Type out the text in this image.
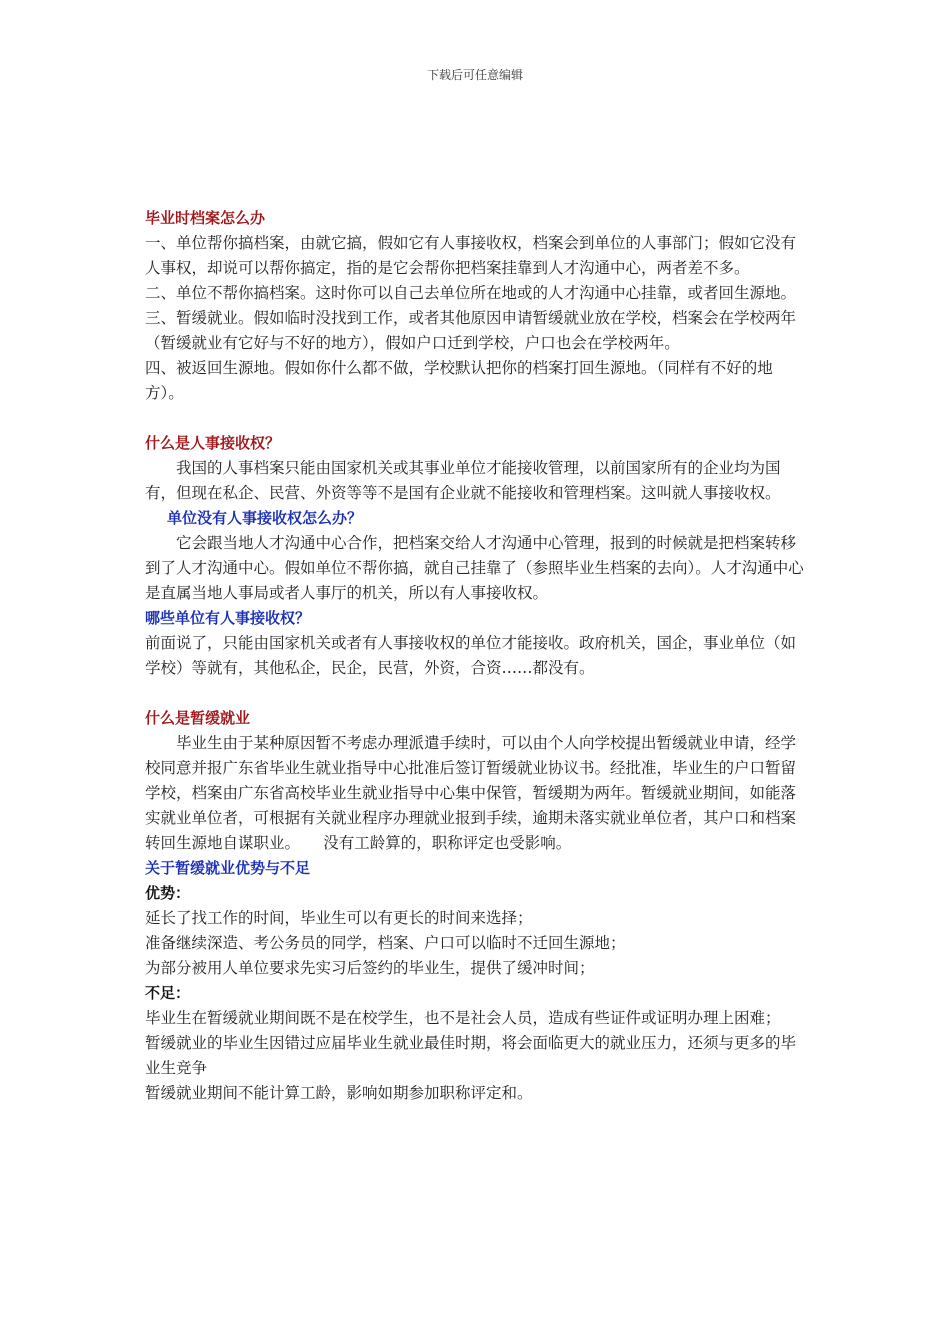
下载后可任意编辑

毕业时档案怎么办

一、单位帮你搞档案，由就它搞，假如它有人事接收权，档案会到单位的人事部门；假如它没有人事权，却说可以帮你搞定，指的是它会帮你把档案挂靠到人才沟通中心，两者差不多。

二、单位不帮你搞档案。这时你可以自己去单位所在地或的人才沟通中心挂靠，或者回生源地。

三、暂缓就业。假如临时没找到工作，或者其他原因申请暂缓就业放在学校，档案会在学校两年（暂缓就业有它好与不好的地方），假如户口迁到学校，户口也会在学校两年。

四、被返回生源地。假如你什么都不做，学校默认把你的档案打回生源地。（同样有不好的地方）。

什么是人事接收权？

我国的人事档案只能由国家机关或其事业单位才能接收管理，以前国家所有的企业均为国有，但现在私企、民营、外资等等不是国有企业就不能接收和管理档案。这叫就人事接收权。

单位没有人事接收权怎么办？

它会跟当地人才沟通中心合作，把档案交给人才沟通中心管理，报到的时候就是把档案转移到了人才沟通中心。假如单位不帮你搞，就自己挂靠了（参照毕业生档案的去向）。人才沟通中心是直属当地人事局或者人事厅的机关，所以有人事接收权。

哪些单位有人事接收权？

前面说了，只能由国家机关或者有人事接收权的单位才能接收。政府机关，国企，事业单位（如学校）等就有，其他私企，民企，民营，外资，合资……都没有。

什么是暂缓就业

毕业生由于某种原因暂不考虑办理派遣手续时，可以由个人向学校提出暂缓就业申请，经学校同意并报广东省毕业生就业指导中心批准后签订暂缓就业协议书。经批准，毕业生的户口暂留学校，档案由广东省高校毕业生就业指导中心集中保管，暂缓期为两年。暂缓就业期间，如能落实就业单位者，可根据有关就业程序办理就业报到手续，逾期未落实就业单位者，其户口和档案转回生源地自谋职业。　　没有工龄算的，职称评定也受影响。

关于暂缓就业优势与不足

优势：

延长了找工作的时间，毕业生可以有更长的时间来选择；

准备继续深造、考公务员的同学，档案、户口可以临时不迁回生源地；

为部分被用人单位要求先实习后签约的毕业生，提供了缓冲时间；

不足：

毕业生在暂缓就业期间既不是在校学生，也不是社会人员，造成有些证件或证明办理上困难；

暂缓就业的毕业生因错过应届毕业生就业最佳时期，将会面临更大的就业压力，还须与更多的毕业生竞争

暂缓就业期间不能计算工龄，影响如期参加职称评定和。
